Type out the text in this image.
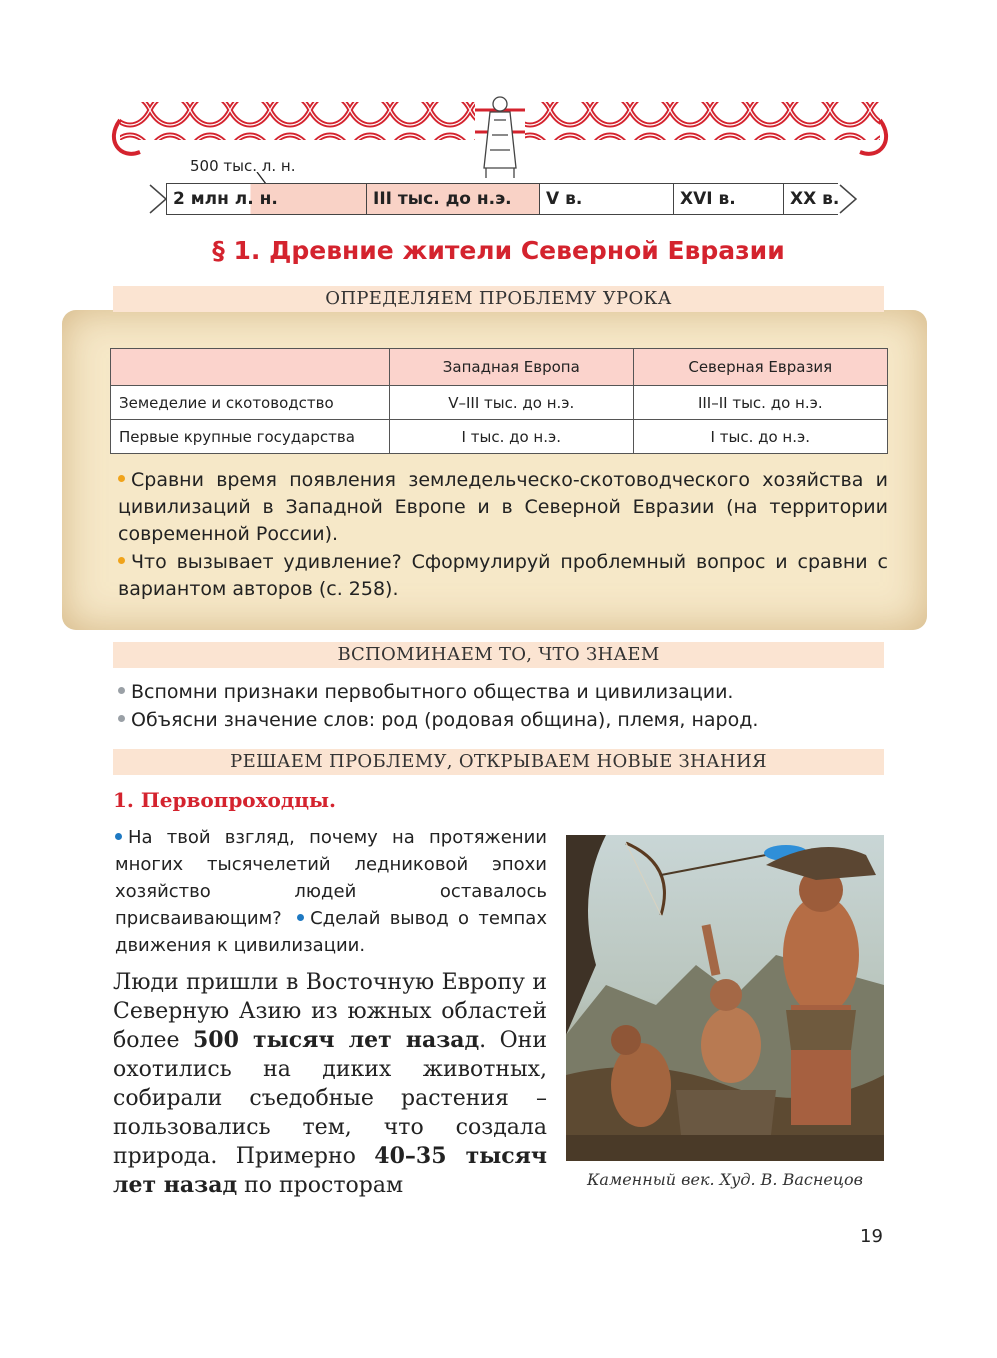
500 тыс. л. н.
2 млн л. н.	III тыс. до н.э.	V в.	XVI в.	XX в.
§ 1. Древние жители Северной Евразии
ОПРЕДЕЛЯЕМ ПРОБЛЕМУ УРОКА
	Западная Европа	Северная Евразия
Земеделие и скотоводство	V–III тыс. до н.э.	III–II тыс. до н.э.
Первые крупные государства	I тыс. до н.э.	I тыс. до н.э.
Сравни время появления земледельческо-скотоводческого хозяйства и цивилизаций в Западной Европе и в Северной Евразии (на территории современной России).
Что вызывает удивление? Сформулируй проблемный вопрос и сравни с вариантом авторов (с. 258).
ВСПОМИНАЕМ ТО, ЧТО ЗНАЕМ
Вспомни признаки первобытного общества и цивилизации.
Объясни значение слов: род (родовая община), племя, народ.
РЕШАЕМ ПРОБЛЕМУ, ОТКРЫВАЕМ НОВЫЕ ЗНАНИЯ
1. Первопроходцы.
На твой взгляд, почему на протяжении многих тысячелетий ледниковой эпохи хозяйство людей оставалось присваивающим? Сделай вывод о темпах движения к цивилизации.
Люди пришли в Восточную Европу и Северную Азию из южных областей более 500 тысяч лет назад. Они охотились на диких животных, собирали съедобные растения – пользовались тем, что создала природа. Примерно 40–35 тысяч лет назад по просторам	Каменный век. Худ. В. Васнецов
19
